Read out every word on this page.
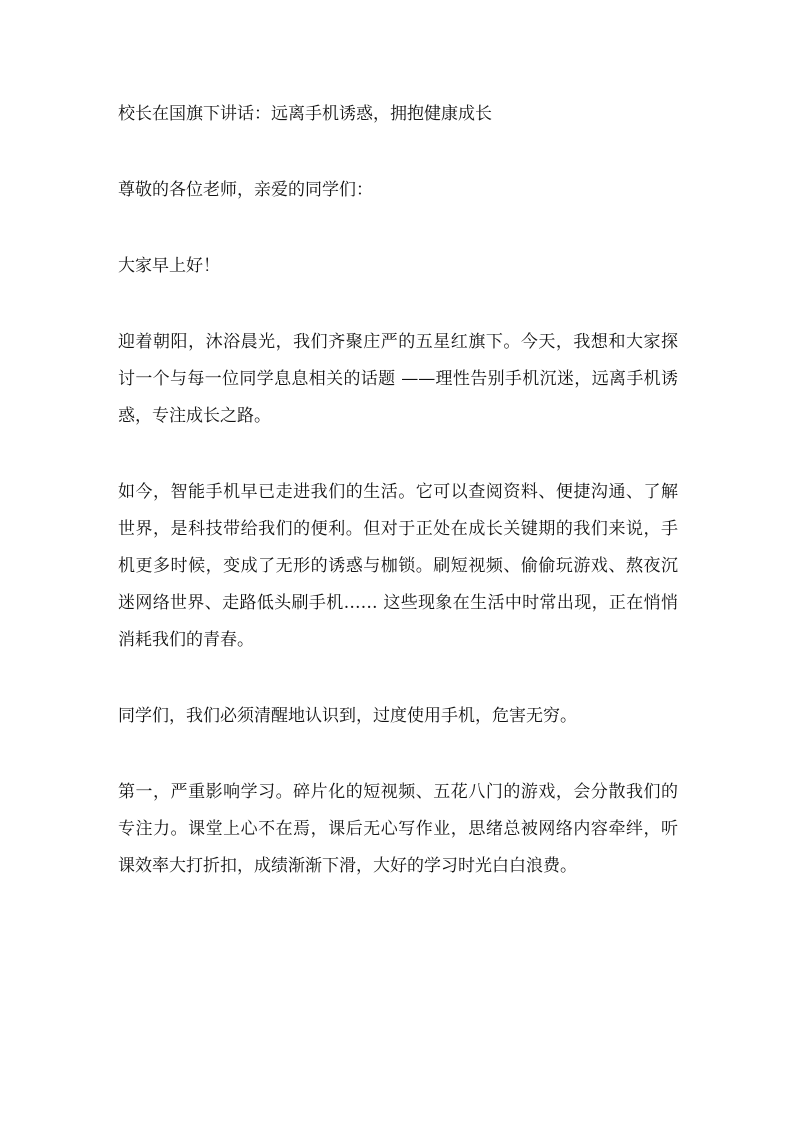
校长在国旗下讲话：远离手机诱惑，拥抱健康成长

尊敬的各位老师，亲爱的同学们：

大家早上好！

迎着朝阳，沐浴晨光，我们齐聚庄严的五星红旗下。今天，我想和大家探讨一个与每一位同学息息相关的话题 ——理性告别手机沉迷，远离手机诱惑，专注成长之路。

如今，智能手机早已走进我们的生活。它可以查阅资料、便捷沟通、了解世界，是科技带给我们的便利。但对于正处在成长关键期的我们来说，手机更多时候，变成了无形的诱惑与枷锁。刷短视频、偷偷玩游戏、熬夜沉迷网络世界、走路低头刷手机…… 这些现象在生活中时常出现，正在悄悄消耗我们的青春。

同学们，我们必须清醒地认识到，过度使用手机，危害无穷。

第一，严重影响学习。碎片化的短视频、五花八门的游戏，会分散我们的专注力。课堂上心不在焉，课后无心写作业，思绪总被网络内容牵绊，听课效率大打折扣，成绩渐渐下滑，大好的学习时光白白浪费。
